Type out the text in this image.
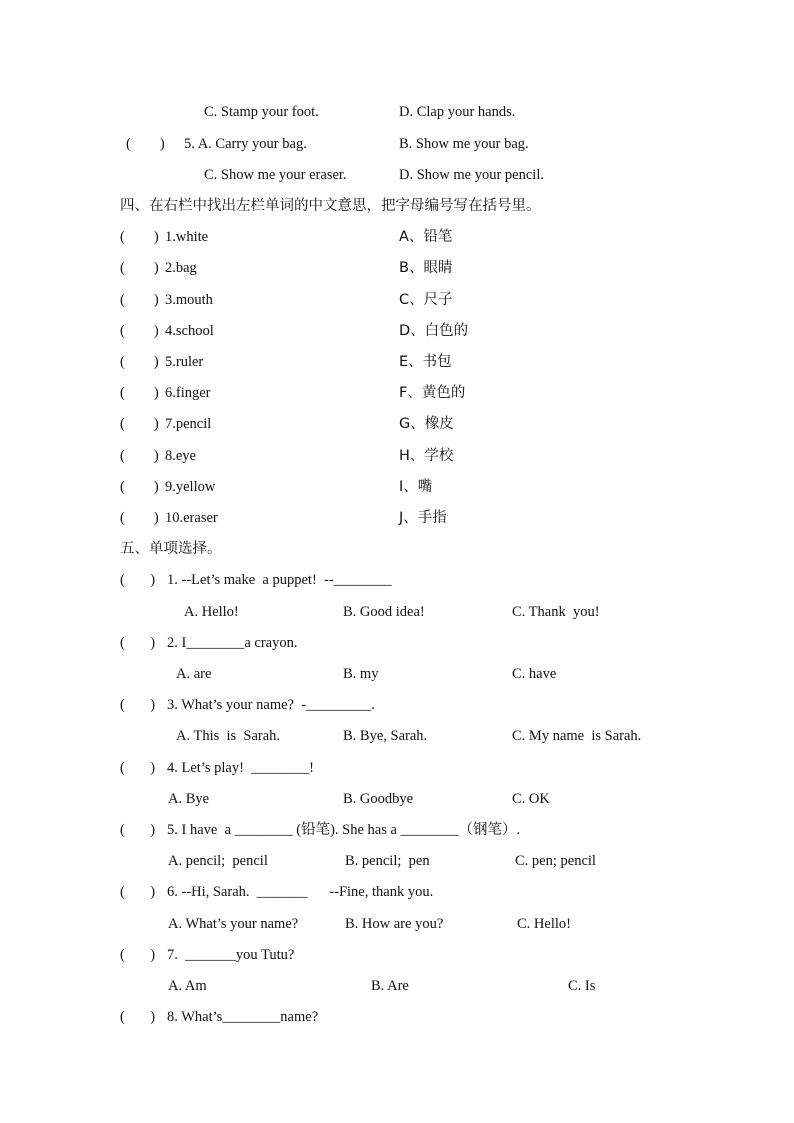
C. Stamp your foot.	D. Clap your hands.
(        ) 5. A. Carry your bag.	B. Show me your bag.
C. Show me your eraser.	D. Show me your pencil.
四、在右栏中找出左栏单词的中文意思，把字母编号写在括号里。
(        ) 1.white	A、铅笔
(        ) 2.bag	B、眼睛
(        ) 3.mouth	C、尺子
(        ) 4.school	D、白色的
(        ) 5.ruler	E、书包
(        ) 6.finger	F、黄色的
(        ) 7.pencil	G、橡皮
(        ) 8.eye	H、学校
(        ) 9.yellow	I、嘴
(        ) 10.eraser	J、手指
五、单项选择。
(       ) 1. --Let’s make  a puppet!  --________
A. Hello!	B. Good idea!	C. Thank  you!
(       ) 2. I________a crayon.
A. are	B. my	C. have
(       ) 3. What’s your name?  -_________.
A. This  is  Sarah.	B. Bye, Sarah.	C. My name  is Sarah.
(       ) 4. Let’s play!  ________!
A. Bye	B. Goodbye	C. OK
(       ) 5. I have  a ________ (铅笔). She has a ________（钢笔）.
A. pencil;  pencil	B. pencil;  pen	C. pen; pencil
(       ) 6. --Hi, Sarah.  _______      --Fine, thank you.
A. What’s your name?	B. How are you?	C. Hello!
(       ) 7.  _______you Tutu?
A. Am	B. Are	C. Is
(       ) 8. What’s________name?
